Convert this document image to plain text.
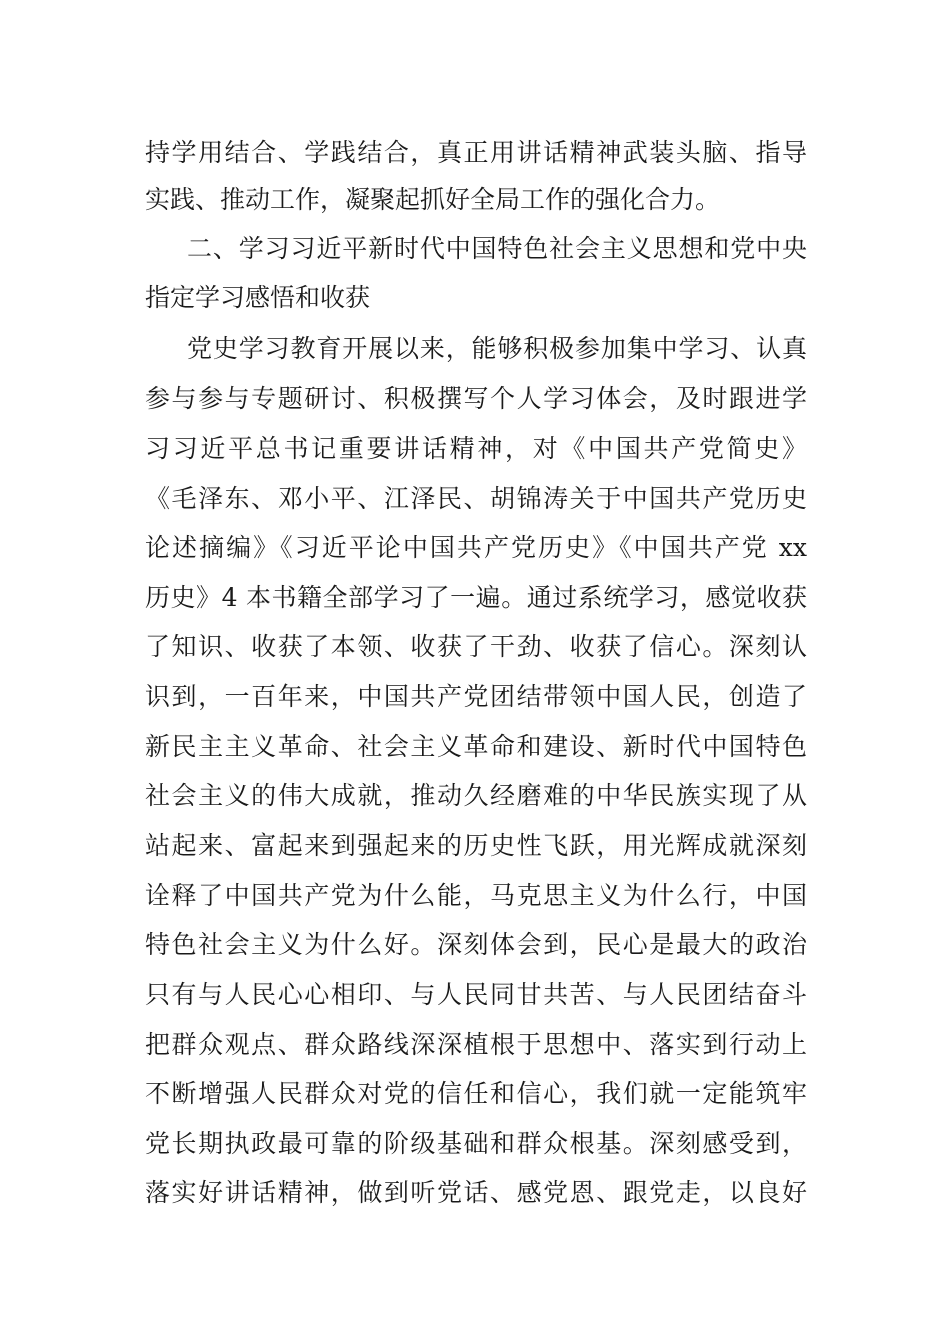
持学用结合、学践结合，真正用讲话精神武装头脑、指导
实践、推动工作，凝聚起抓好全局工作的强化合力。
二、学习习近平新时代中国特色社会主义思想和党中央
指定学习感悟和收获
党史学习教育开展以来，能够积极参加集中学习、认真
参与参与专题研讨、积极撰写个人学习体会，及时跟进学
习习近平总书记重要讲话精神，对《中国共产党简史》
《毛泽东、邓小平、江泽民、胡锦涛关于中国共产党历史
论述摘编》《习近平论中国共产党历史》《中国共产党 xx
历史》4 本书籍全部学习了一遍。通过系统学习，感觉收获
了知识、收获了本领、收获了干劲、收获了信心。深刻认
识到，一百年来，中国共产党团结带领中国人民，创造了
新民主主义革命、社会主义革命和建设、新时代中国特色
社会主义的伟大成就，推动久经磨难的中华民族实现了从
站起来、富起来到强起来的历史性飞跃，用光辉成就深刻
诠释了中国共产党为什么能，马克思主义为什么行，中国
特色社会主义为什么好。深刻体会到，民心是最大的政治
只有与人民心心相印、与人民同甘共苦、与人民团结奋斗
把群众观点、群众路线深深植根于思想中、落实到行动上
不断增强人民群众对党的信任和信心，我们就一定能筑牢
党长期执政最可靠的阶级基础和群众根基。深刻感受到，
落实好讲话精神，做到听党话、感党恩、跟党走，以良好
